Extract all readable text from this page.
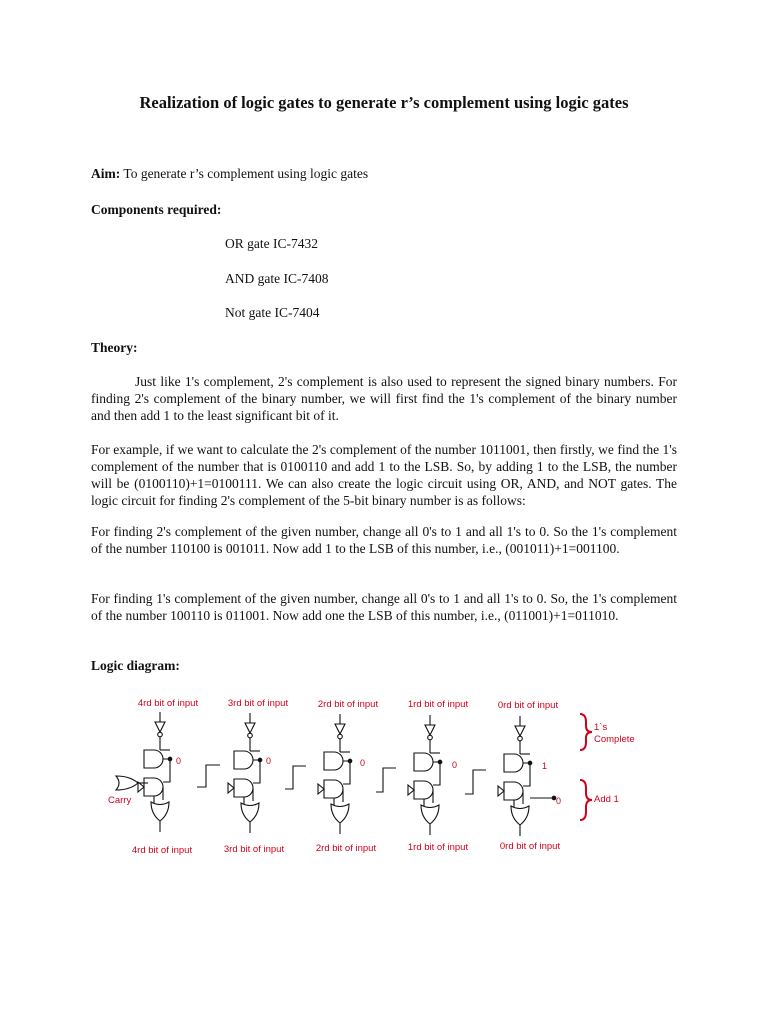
Realization of logic gates to generate r’s complement using logic gates

Aim: To generate r’s complement using logic gates

Components required:

OR gate IC-7432

AND gate IC-7408

Not gate IC-7404

Theory:

Just like 1's complement, 2's complement is also used to represent the signed binary numbers. For finding 2's complement of the binary number, we will first find the 1's complement of the binary number and then add 1 to the least significant bit of it.

For example, if we want to calculate the 2's complement of the number 1011001, then firstly, we find the 1's complement of the number that is 0100110 and add 1 to the LSB. So, by adding 1 to the LSB, the number will be (0100110)+1=0100111. We can also create the logic circuit using OR, AND, and NOT gates. The logic circuit for finding 2's complement of the 5-bit binary number is as follows:

For finding 2's complement of the given number, change all 0's to 1 and all 1's to 0. So the 1's complement of the number 110100 is 001011. Now add 1 to the LSB of this number, i.e., (001011)+1=001100.

For finding 1's complement of the given number, change all 0's to 1 and all 1's to 0. So, the 1's complement of the number 100110 is 011001. Now add one the LSB of this number, i.e., (011001)+1=011010.

Logic diagram:

4rd bit of input	3rd bit of input	2rd bit of input	1rd bit of input	0rd bit of input
4rd bit of input	3rd bit of input	2rd bit of input	1rd bit of input	0rd bit of input
Carry
0	0	0	0	1
0
1`s
Complete
Add 1
